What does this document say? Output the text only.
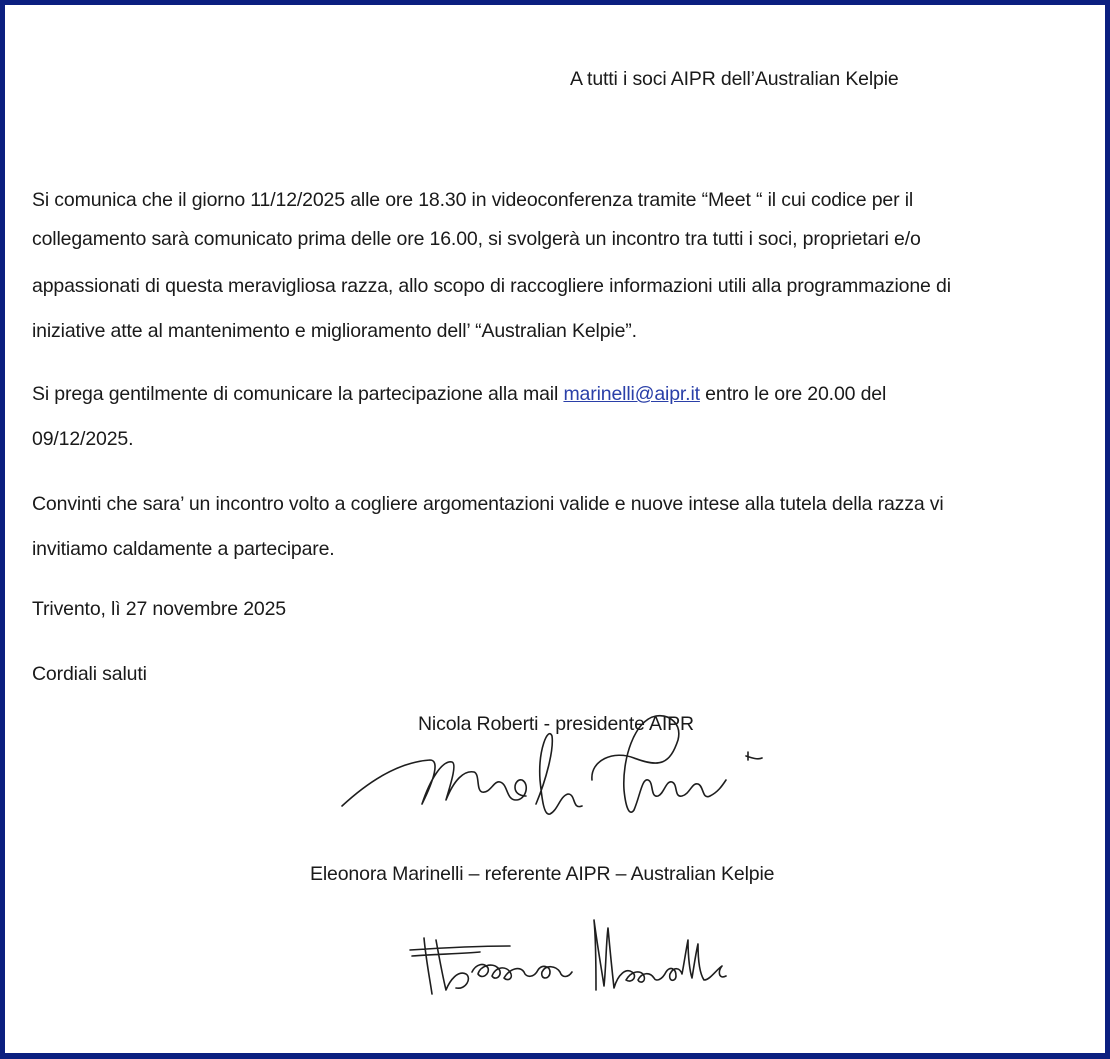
A tutti i soci AIPR dell’Australian Kelpie
Si comunica che il giorno 11/12/2025 alle ore 18.30 in videoconferenza tramite “Meet “ il cui codice per il
collegamento sarà comunicato prima delle ore 16.00, si svolgerà un incontro tra tutti i soci, proprietari e/o
appassionati di questa meravigliosa razza, allo scopo di raccogliere informazioni utili alla programmazione di
iniziative atte al mantenimento e miglioramento dell’ “Australian Kelpie”.
Si prega gentilmente di comunicare la partecipazione alla mail marinelli@aipr.it entro le ore 20.00 del
09/12/2025.
Convinti che sara’ un incontro volto a cogliere argomentazioni valide e nuove intese alla tutela della razza vi
invitiamo caldamente a partecipare.
Trivento, lì 27 novembre 2025
Cordiali saluti
Nicola Roberti - presidente AIPR
Eleonora Marinelli – referente AIPR – Australian Kelpie
